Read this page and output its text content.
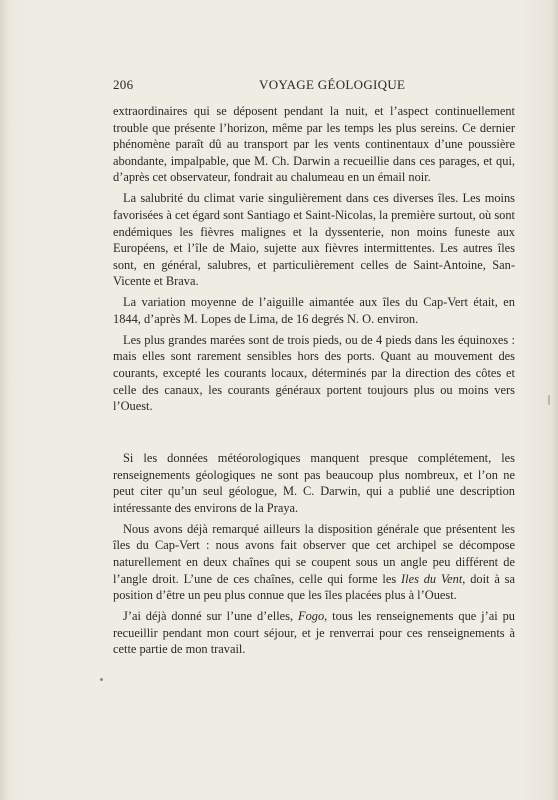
206	VOYAGE GÉOLOGIQUE

extraordinaires qui se déposent pendant la nuit, et l’aspect continuellement trouble que présente l’horizon, même par les temps les plus sereins. Ce dernier phénomène paraît dû au transport par les vents continentaux d’une poussière abondante, impalpable, que M. Ch. Darwin a recueillie dans ces parages, et qui, d’après cet observateur, fondrait au chalumeau en un émail noir.

La salubrité du climat varie singulièrement dans ces diverses îles. Les moins favorisées à cet égard sont Santiago et Saint-Nicolas, la première surtout, où sont endémiques les fièvres malignes et la dyssenterie, non moins funeste aux Européens, et l’île de Maio, sujette aux fièvres intermittentes. Les autres îles sont, en général, salubres, et particulièrement celles de Saint-Antoine, San-Vicente et Brava.

La variation moyenne de l’aiguille aimantée aux îles du Cap-Vert était, en 1844, d’après M. Lopes de Lima, de 16 degrés N. O. environ.

Les plus grandes marées sont de trois pieds, ou de 4 pieds dans les équinoxes : mais elles sont rarement sensibles hors des ports. Quant au mouvement des courants, excepté les courants locaux, déterminés par la direction des côtes et celle des canaux, les courants généraux portent toujours plus ou moins vers l’Ouest.

Si les données météorologiques manquent presque complétement, les renseignements géologiques ne sont pas beaucoup plus nombreux, et l’on ne peut citer qu’un seul géologue, M. C. Darwin, qui a publié une description intéressante des environs de la Praya.

Nous avons déjà remarqué ailleurs la disposition générale que présentent les îles du Cap-Vert : nous avons fait observer que cet archipel se décompose naturellement en deux chaînes qui se coupent sous un angle peu différent de l’angle droit. L’une de ces chaînes, celle qui forme les Iles du Vent, doit à sa position d’être un peu plus connue que les îles placées plus à l’Ouest.

J’ai déjà donné sur l’une d’elles, Fogo, tous les renseignements que j’ai pu recueillir pendant mon court séjour, et je renverrai pour ces renseignements à cette partie de mon travail.
